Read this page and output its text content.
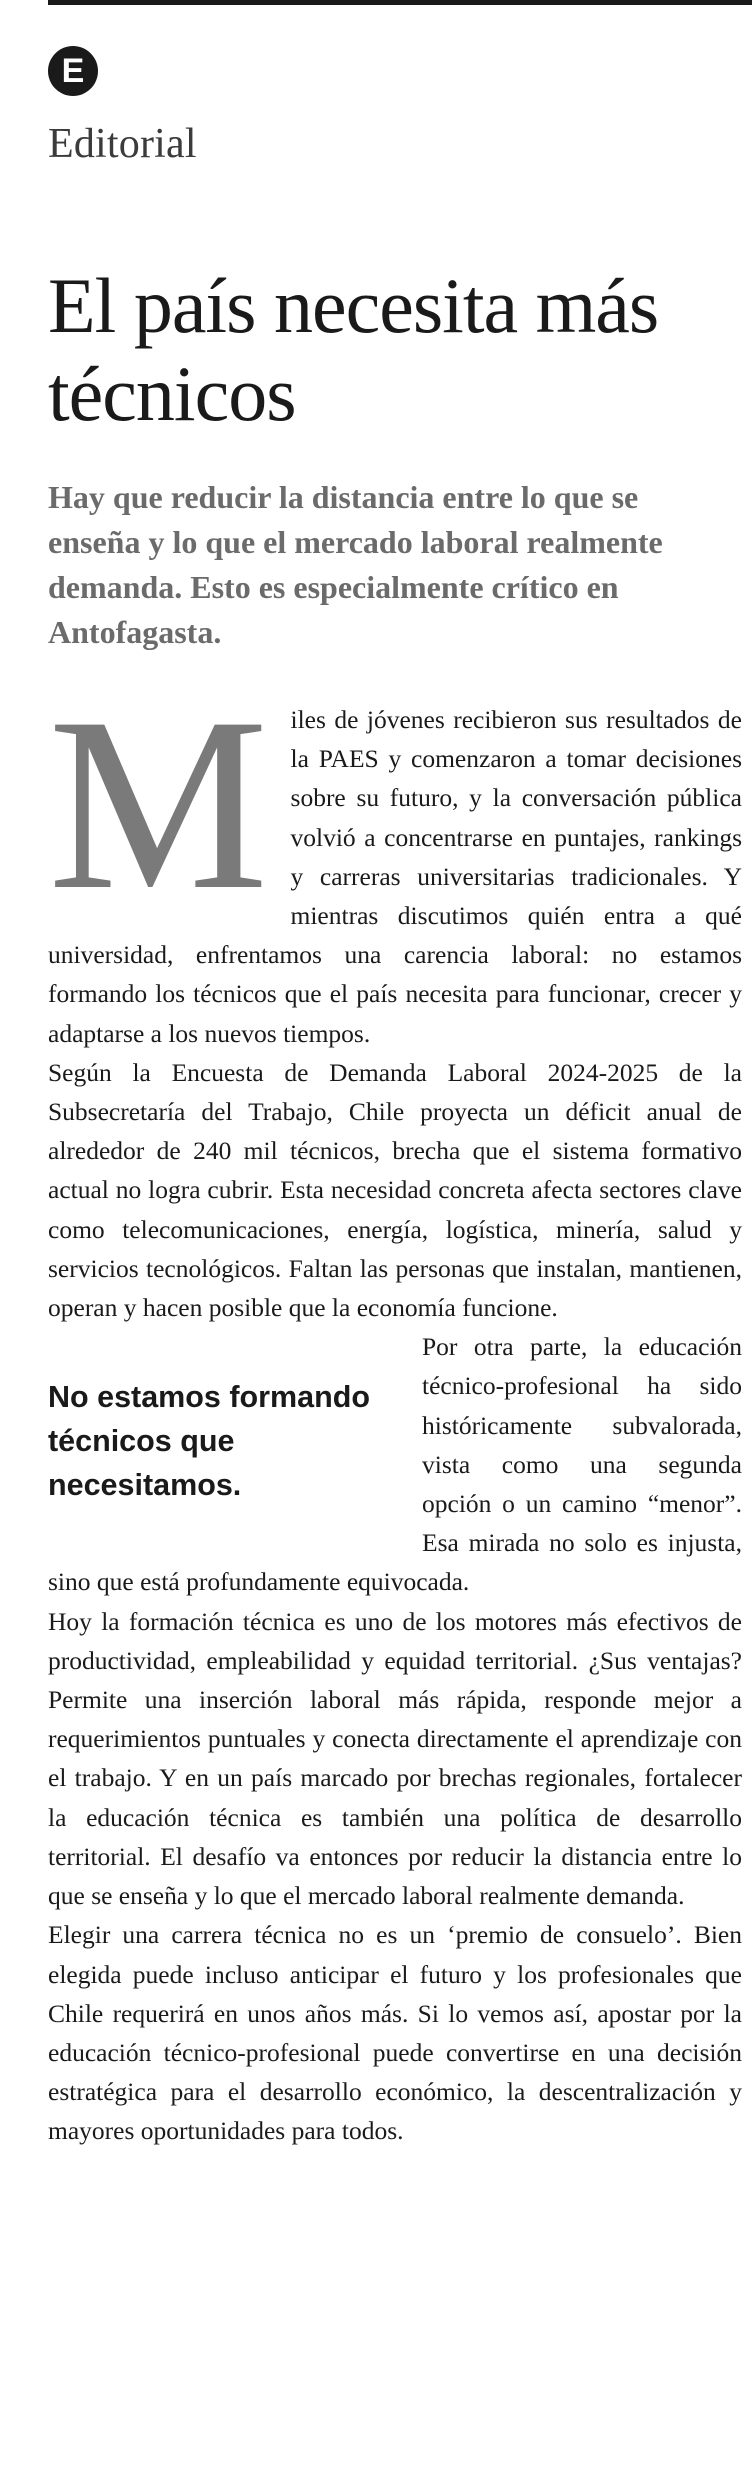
E
Editorial
El país necesita más técnicos

Hay que reducir la distancia entre lo que se enseña y lo que el mercado laboral realmente demanda. Esto es especialmente crítico en Antofagasta.

M iles de jóvenes recibieron sus resultados de la PAES y comenzaron a tomar decisiones sobre su futuro, y la conversación pública volvió a concentrarse en puntajes, rankings y carreras universitarias tradicionales. Y mientras discutimos quién entra a qué universidad, enfrentamos una carencia laboral: no estamos formando los técnicos que el país necesita para funcionar, crecer y adaptarse a los nuevos tiempos.

Según la Encuesta de Demanda Laboral 2024-2025 de la Subsecretaría del Trabajo, Chile proyecta un déficit anual de alrededor de 240 mil técnicos, brecha que el sistema formativo actual no logra cubrir. Esta necesidad concreta afecta sectores clave como telecomunicaciones, energía, logística, minería, salud y servicios tecnológicos. Faltan las personas que instalan, mantienen, operan y hacen posible que la economía funcione.

No estamos formando técnicos que necesitamos.

Por otra parte, la educación técnico-profesional ha sido históricamente subvalorada, vista como una segunda opción o un camino “menor”. Esa mirada no solo es injusta, sino que está profundamente equivocada.

Hoy la formación técnica es uno de los motores más efectivos de productividad, empleabilidad y equidad territorial. ¿Sus ventajas? Permite una inserción laboral más rápida, responde mejor a requerimientos puntuales y conecta directamente el aprendizaje con el trabajo. Y en un país marcado por brechas regionales, fortalecer la educación técnica es también una política de desarrollo territorial. El desafío va entonces por reducir la distancia entre lo que se enseña y lo que el mercado laboral realmente demanda.

Elegir una carrera técnica no es un ‘premio de consuelo’. Bien elegida puede incluso anticipar el futuro y los profesionales que Chile requerirá en unos años más. Si lo vemos así, apostar por la educación técnico-profesional puede convertirse en una decisión estratégica para el desarrollo económico, la descentralización y mayores oportunidades para todos.
